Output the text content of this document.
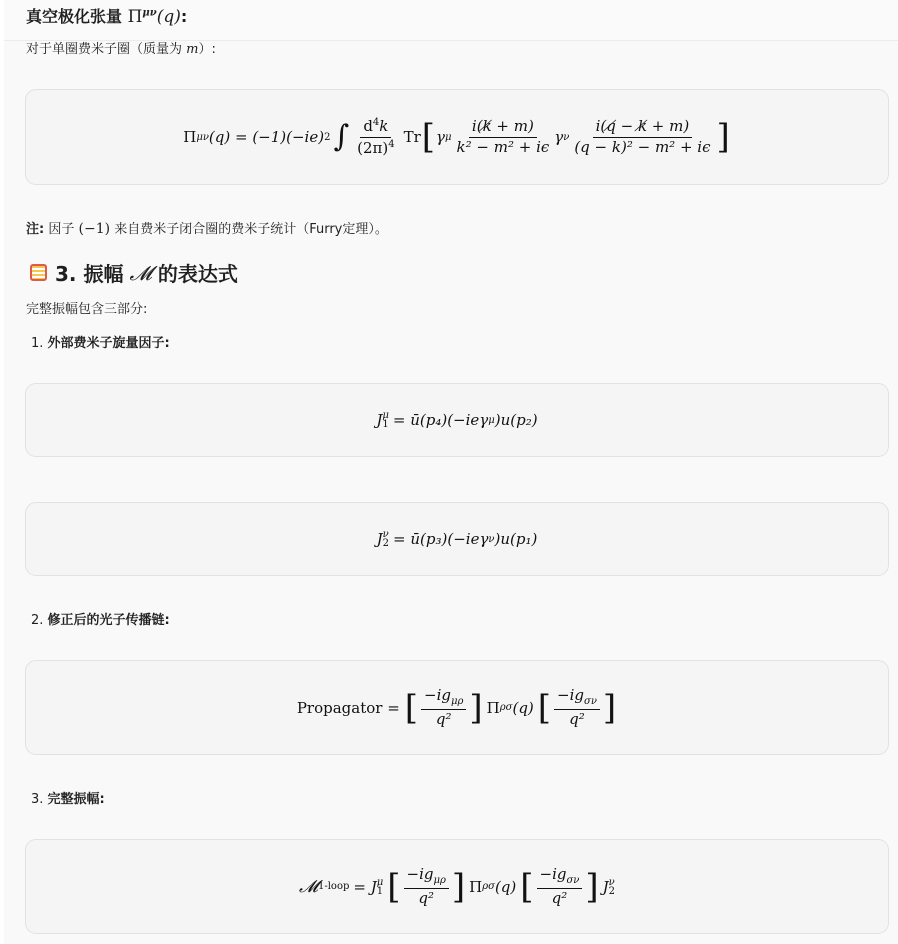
真空极化张量 $\Pi^{\mu\nu}(q)$:
对于单圈费米子圈（质量为 m）:
Π μν (q) = (−1)(−ie) 2 ∫ $\frac{d^4k}{(2\pi)^4}$ Tr [ γ μ $\frac{i(k̸ + m)}{\text{k² − m² + iϵ}}$ γ ν $\frac{i(q̸ - k̸ + m)}{\text{(q − k)² − m² + iϵ}}$ ]
注: 因子 (−1) 来自费米子闭合圈的费米子统计（Furry定理）。
3. 振幅 𝓜 的表达式
完整振幅包含三部分:
1. 外部费米子旋量因子:
J μ
1 = ū(p₄)(−ieγ μ )u(p₂)
J ν
2 = ū(p₃)(−ieγ ν )u(p₁)
2. 修正后的光子传播链:
Propagator = [ $\frac{-ig_{\mu\rho}}{\text{q²}}$ ] Π ρσ (q) [ $\frac{-ig_{\sigma\nu}}{\text{q²}}$ ]
3. 完整振幅:
𝓜 1-loop = J μ
1 [ $\frac{-ig_{\mu\rho}}{\text{q²}}$ ] Π ρσ (q) [ $\frac{-ig_{\sigma\nu}}{\text{q²}}$ ] J ν
2
